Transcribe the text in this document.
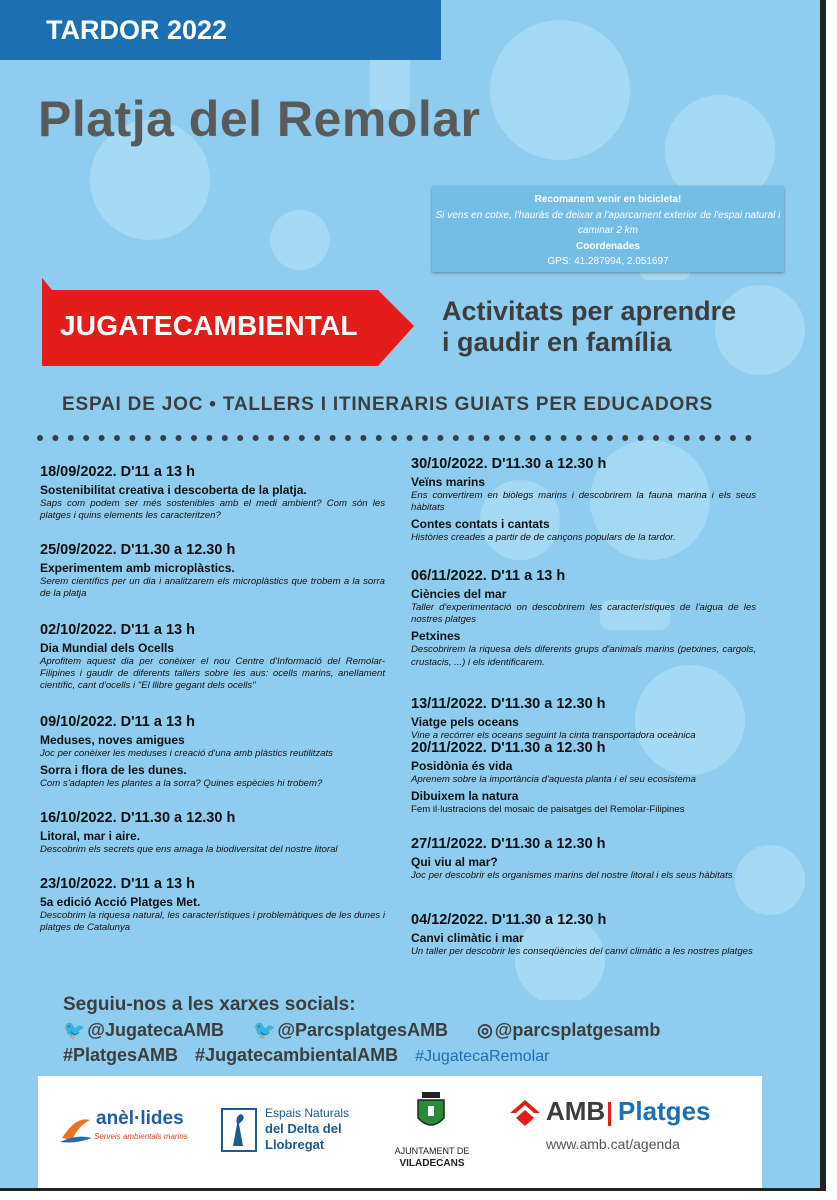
TARDOR 2022
Platja del Remolar
Recomanem venir en bicicleta!
Si vens en cotxe, l'hauràs de deixar a l'aparcament exterior de l'espai natural i caminar 2 km
Coordenades
GPS: 41.287994, 2.051697
JUGATECAMBIENTAL	Activitats per aprendre
i gaudir en família
ESPAI DE JOC • TALLERS I ITINERARIS GUIATS PER EDUCADORS

18/09/2022. D'11 a 13 h

Sostenibilitat creativa i descoberta de la platja.

Saps com podem ser més sostenibles amb el medi ambient? Com són les platges i quins elements les caracteritzen?

25/09/2022. D'11.30 a 12.30 h

Experimentem amb microplàstics.

Serem científics per un dia i analitzarem els microplàstics que trobem a la sorra de la platja

02/10/2022. D'11 a 13 h

Dia Mundial dels Ocells

Aprofitem aquest dia per conèixer el nou Centre d'Informació del Remolar-Filipines i gaudir de diferents tallers sobre les aus: ocells marins, anellament científic, cant d'ocells i "El llibre gegant dels ocells"

09/10/2022. D'11 a 13 h

Meduses, noves amigues

Joc per conèixer les meduses i creació d'una amb plàstics reutilitzats

Sorra i flora de les dunes.

Com s'adapten les plantes a la sorra? Quines espècies hi trobem?

16/10/2022. D'11.30 a 12.30 h

Litoral, mar i aire.

Descobrim els secrets que ens amaga la biodiversitat del nostre litoral

23/10/2022. D'11 a 13 h

5a edició Acció Platges Met.

Descobrim la riquesa natural, les característiques i problemàtiques de les dunes i platges de Catalunya

30/10/2022. D'11.30 a 12.30 h

Veïns marins

Ens convertirem en biòlegs marins i descobrirem la fauna marina i els seus hàbitats

Contes contats i cantats

Històries creades a partir de de cançons populars de la tardor.

06/11/2022. D'11 a 13 h

Ciències del mar

Taller d'experimentació on descobrirem les característiques de l'aigua de les nostres platges

Petxines

Descobrirem la riquesa dels diferents grups d'animals marins (petxines, cargols, crustacis, ...) i els identificarem.

13/11/2022. D'11.30 a 12.30 h

Viatge pels oceans

Vine a recórrer els oceans seguint la cinta transportadora oceànica

20/11/2022. D'11.30 a 12.30 h

Posidònia és vida

Aprenem sobre la importància d'aquesta planta i el seu ecosistema

Dibuixem la natura

Fem il·lustracions del mosaic de paisatges del Remolar-Filipines

27/11/2022. D'11.30 a 12.30 h

Qui viu al mar?

Joc per descobrir els organismes marins del nostre litoral i els seus hàbitats

04/12/2022. D'11.30 a 12.30 h

Canvi climàtic i mar

Un taller per descobrir les conseqüències del canvi climàtic a les nostres platges

Seguiu-nos a les xarxes socials:

🐦 @JugatecaAMB 🐦 @ParcsplatgesAMB ◎ @parcsplatgesamb

#PlatgesAMB #JugatecambientalAMB #JugatecaRemolar

anèl·lides
Serveis ambientals marins
Espais Naturals
del Delta del
Llobregat	AJUNTAMENT DE
VILADECANS
AMB Platges
www.amb.cat/agenda
